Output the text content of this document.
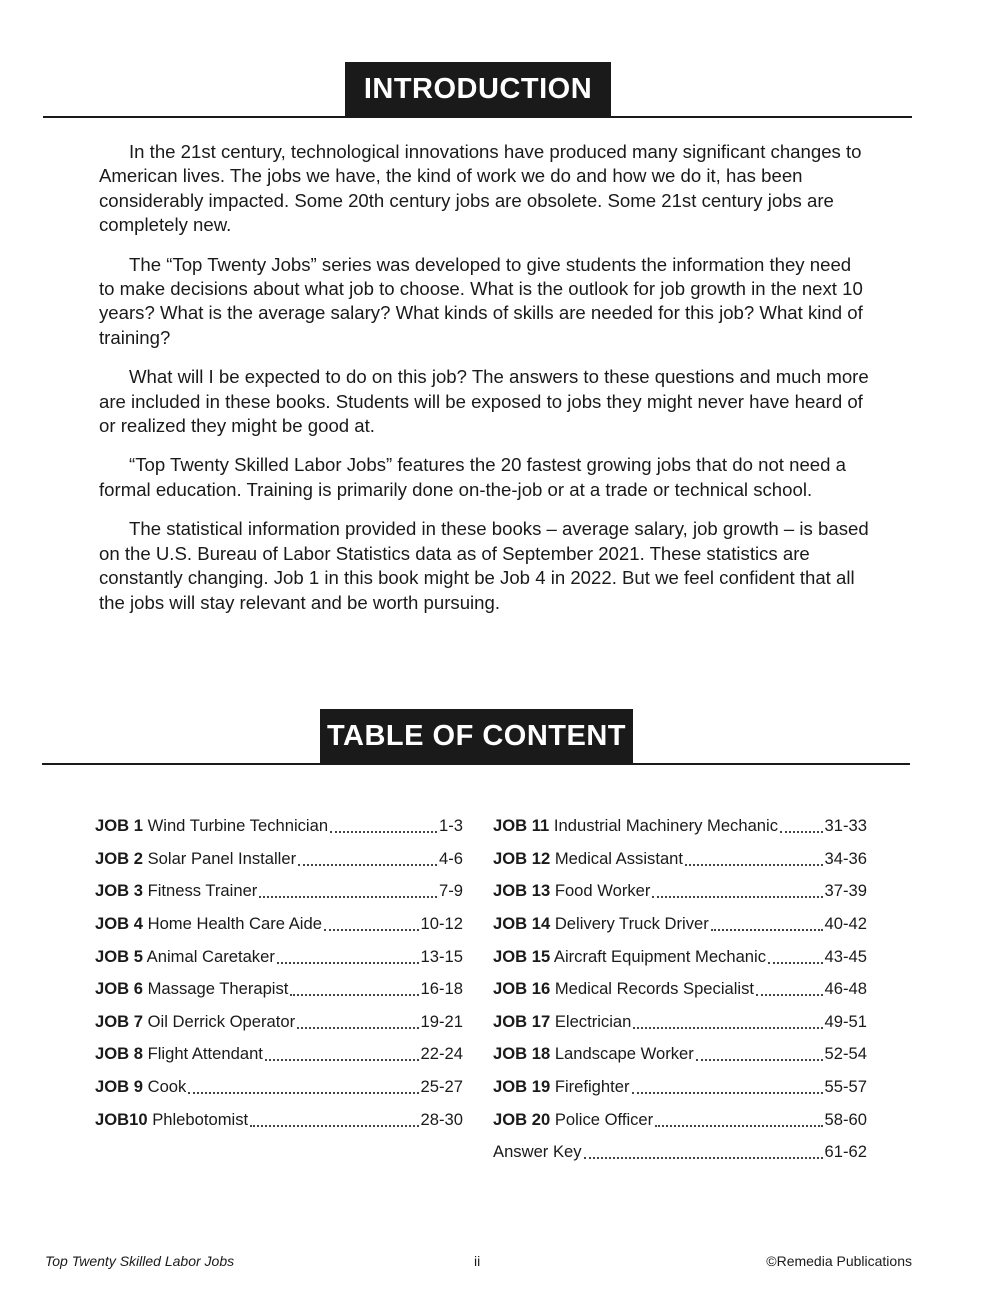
INTRODUCTION

In the 21st century, technological innovations have produced many significant changes to American lives. The jobs we have, the kind of work we do and how we do it, has been considerably impacted. Some 20th century jobs are obsolete. Some 21st century jobs are completely new.

The “Top Twenty Jobs” series was developed to give students the information they need to make decisions about what job to choose. What is the outlook for job growth in the next 10 years? What is the average salary? What kinds of skills are needed for this job? What kind of training?

What will I be expected to do on this job? The answers to these questions and much more are included in these books. Students will be exposed to jobs they might never have heard of or realized they might be good at.

“Top Twenty Skilled Labor Jobs” features the 20 fastest growing jobs that do not need a formal education. Training is primarily done on-the-job or at a trade or technical school.

The statistical information provided in these books – average salary, job growth – is based on the U.S. Bureau of Labor Statistics data as of September 2021. These statistics are constantly changing. Job 1 in this book might be Job 4 in 2022. But we feel confident that all the jobs will stay relevant and be worth pursuing.

TABLE OF CONTENT
JOB 1 Wind Turbine Technician	1-3
JOB 2 Solar Panel Installer	4-6
JOB 3 Fitness Trainer	7-9
JOB 4 Home Health Care Aide	10-12
JOB 5 Animal Caretaker	13-15
JOB 6 Massage Therapist	16-18
JOB 7 Oil Derrick Operator	19-21
JOB 8 Flight Attendant	22-24
JOB 9 Cook	25-27
JOB10 Phlebotomist	28-30
JOB 11 Industrial Machinery Mechanic	31-33
JOB 12 Medical Assistant	34-36
JOB 13 Food Worker	37-39
JOB 14 Delivery Truck Driver	40-42
JOB 15 Aircraft Equipment Mechanic	43-45
JOB 16 Medical Records Specialist	46-48
JOB 17 Electrician	49-51
JOB 18 Landscape Worker	52-54
JOB 19 Firefighter	55-57
JOB 20 Police Officer	58-60
Answer Key	61-62
Top Twenty Skilled Labor Jobs	ii	©Remedia Publications
